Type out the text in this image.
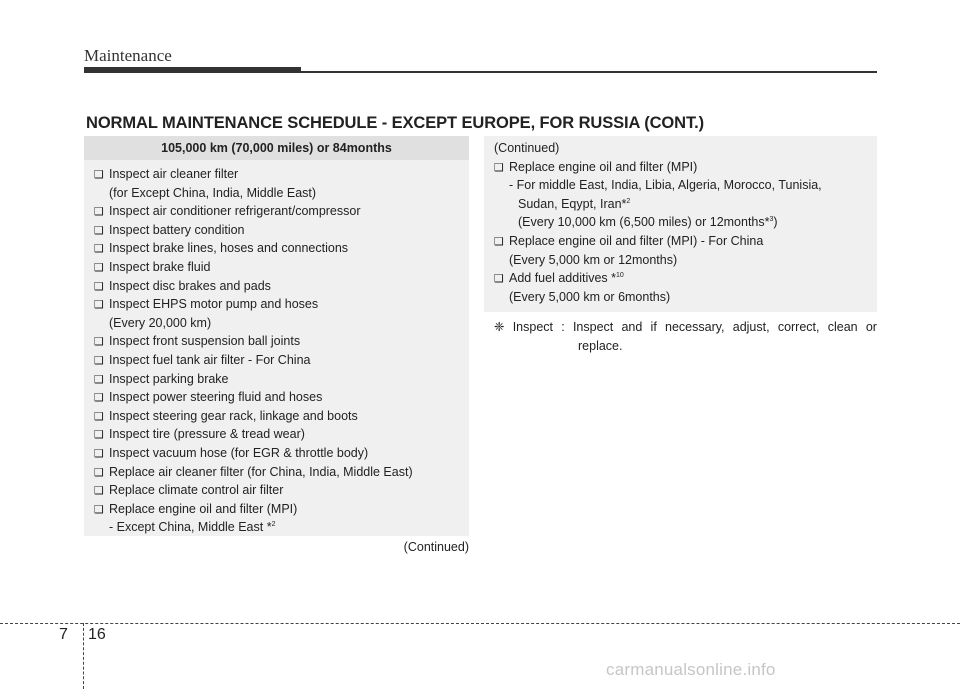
Maintenance
NORMAL MAINTENANCE SCHEDULE - EXCEPT EUROPE, FOR RUSSIA (CONT.)
105,000 km (70,000 miles) or 84months
❑ Inspect air cleaner filter
(for Except China, India, Middle East)
❑ Inspect air conditioner refrigerant/compressor
❑ Inspect battery condition
❑ Inspect brake lines, hoses and connections
❑ Inspect brake fluid
❑ Inspect disc brakes and pads
❑ Inspect EHPS motor pump and hoses
(Every 20,000 km)
❑ Inspect front suspension ball joints
❑ Inspect fuel tank air filter - For China
❑ Inspect parking brake
❑ Inspect power steering fluid and hoses
❑ Inspect steering gear rack, linkage and boots
❑ Inspect tire (pressure & tread wear)
❑ Inspect vacuum hose (for EGR & throttle body)
❑ Replace air cleaner filter (for China, India, Middle East)
❑ Replace climate control air filter
❑ Replace engine oil and filter (MPI)
- Except China, Middle East *$^2$
(Continued)
(Continued)
❑ Replace engine oil and filter (MPI)
- For middle East, India, Libia, Algeria, Morocco, Tunisia,
Sudan, Eqypt, Iran*$^2$
(Every 10,000 km (6,500 miles) or 12months*$^3$)
❑ Replace engine oil and filter (MPI) - For China
(Every 5,000 km or 12months)
❑ Add fuel additives *$^{10}$
(Every 5,000 km or 6months)
❈ Inspect : Inspect and if necessary, adjust, correct, clean or
replace.
7 16
carmanualsonline.info
